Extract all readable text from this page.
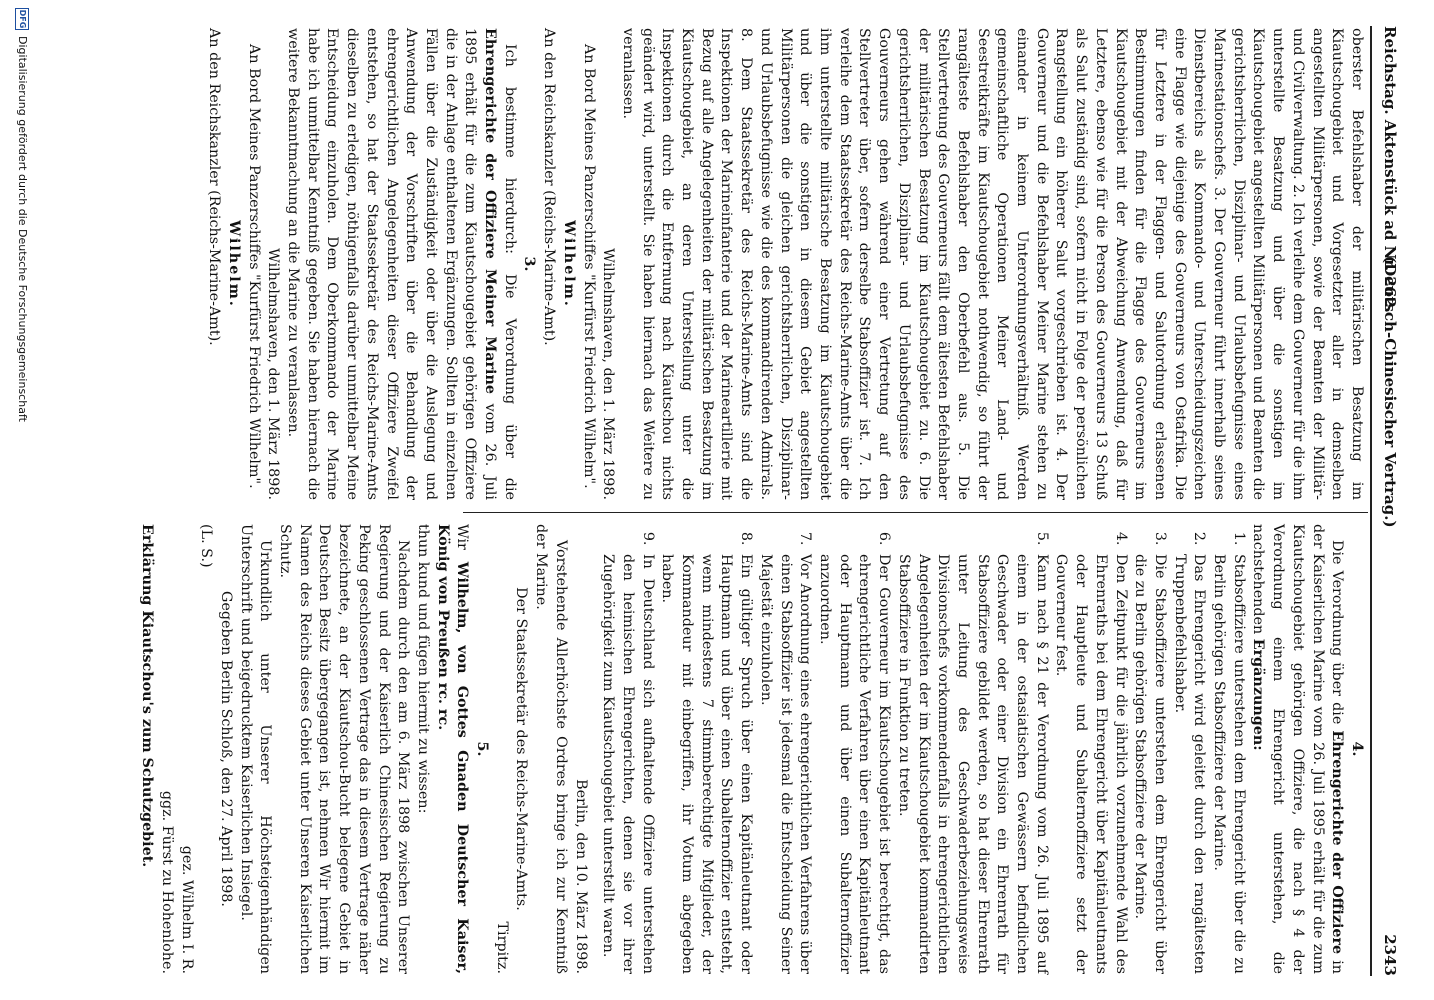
Reichstag. Aktenstück ad Nr. 262.
(Deutsch-Chinesischer Vertrag.)
2343

oberster Befehlshaber der militärischen Besatzung im Kiautschougebiet und Vorgesetzter aller in demselben angestellten Militärpersonen, sowie der Beamten der Militär- und Civilverwaltung. 2. Ich verleihe dem Gouverneur für die ihm unterstellte Besatzung und über die sonstigen im Kiautschougebiet angestellten Militärpersonen und Beamten die gerichtsherrlichen, Disziplinar- und Urlaubsbefugnisse eines Marinestationschefs. 3. Der Gouverneur führt innerhalb seines Dienstbereichs als Kommando- und Unterscheidungszeichen eine Flagge wie diejenige des Gouverneurs von Ostafrika. Die für Letztere in der Flaggen- und Salutordnung erlassenen Bestimmungen finden für die Flagge des Gouverneurs im Kiautschougebiet mit der Abweichung Anwendung, daß für Letztere, ebenso wie für die Person des Gouverneurs 13 Schuß als Salut zuständig sind, sofern nicht in Folge der persönlichen Rangstellung ein höherer Salut vorgeschrieben ist. 4. Der Gouverneur und die Befehlshaber Meiner Marine stehen zu einander in keinem Unterordnungsverhältniß. Werden gemeinschaftliche Operationen Meiner Land- und Seestreitkräfte im Kiautschougebiet nothwendig, so führt der rangälteste Befehlshaber den Oberbefehl aus. 5. Die Stellvertretung des Gouverneurs fällt dem ältesten Befehlshaber der militärischen Besatzung im Kiautschougebiet zu. 6. Die gerichtsherrlichen, Disziplinar- und Urlaubsbefugnisse des Gouverneurs gehen während einer Vertretung auf den Stellvertreter über, sofern derselbe Stabsoffizier ist. 7. Ich verleihe dem Staatssekretär des Reichs-Marine-Amts über die ihm unterstellte militärische Besatzung im Kiautschougebiet und über die sonstigen in diesem Gebiet angestellten Militärpersonen die gleichen gerichtsherrlichen, Disziplinar- und Urlaubsbefugnisse wie die des kommandirenden Admirals. 8. Dem Staatssekretär des Reichs-Marine-Amts sind die Inspektionen der Marineinfanterie und der Marineartillerie mit Bezug auf alle Angelegenheiten der militärischen Besatzung im Kiautschougebiet, an deren Unterstellung unter die Inspektionen durch die Entfernung nach Kiautschou nichts geändert wird, unterstellt. Sie haben hiernach das Weitere zu veranlassen.

Wilhelmshaven, den 1. März 1898.

An Bord Meines Panzerschiffes "Kurfürst Friedrich Wilhelm".

Wilhelm.

An den Reichskanzler (Reichs-Marine-Amt).

3.

Ich bestimme hierdurch: Die Verordnung über die Ehrengerichte der Offiziere Meiner Marine vom 26. Juli 1895 erhält für die zum Kiautschougebiet gehörigen Offiziere die in der Anlage enthaltenen Ergänzungen. Sollten in einzelnen Fällen über die Zuständigkeit oder über die Auslegung und Anwendung der Vorschriften über die Behandlung der ehrengerichtlichen Angelegenheiten dieser Offiziere Zweifel entstehen, so hat der Staatssekretär des Reichs-Marine-Amts dieselben zu erledigen, nöthigenfalls darüber unmittelbar Meine Entscheidung einzuholen. Dem Oberkommando der Marine habe ich unmittelbar Kenntniß gegeben. Sie haben hiernach die weitere Bekanntmachung an die Marine zu veranlassen.

Wilhelmshaven, den 1. März 1898.

An Bord Meines Panzerschiffes "Kurfürst Friedrich Wilhelm".

Wilhelm.

An den Reichskanzler (Reichs-Marine-Amt).

4.

Die Verordnung über die Ehrengerichte der Offiziere in der Kaiserlichen Marine vom 26. Juli 1895 erhält für die zum Kiautschougebiet gehörigen Offiziere, die nach § 4 der Verordnung einem Ehrengericht unterstehen, die nachstehenden Ergänzungen:

1. Stabsoffiziere unterstehen dem Ehrengericht über die zu Berlin gehörigen Stabsoffiziere der Marine.
2. Das Ehrengericht wird geleitet durch den rangältesten Truppenbefehlshaber.
3. Die Stabsoffiziere unterstehen dem Ehrengericht über die zu Berlin gehörigen Stabsoffiziere der Marine.
4. Den Zeitpunkt für die jährlich vorzunehmende Wahl des Ehrenraths bei dem Ehrengericht über Kapitänleutnants oder Hauptleute und Subalternoffiziere setzt der Gouverneur fest.
5. Kann nach § 21 der Verordnung vom 26. Juli 1895 auf einem in der ostasiatischen Gewässern befindlichen Geschwader oder einer Division ein Ehrenrath für Stabsoffiziere gebildet werden, so hat dieser Ehrenrath unter Leitung des Geschwaderbeziehungsweise Divisionschefs vorkommendenfalls in ehrengerichtlichen Angelegenheiten der im Kiautschougebiet kommandirten Stabsoffiziere in Funktion zu treten.
6. Der Gouverneur im Kiautschougebiet ist berechtigt, das ehrengerichtliche Verfahren über einen Kapitänleutnant oder Hauptmann und über einen Subalternoffizier anzuordnen.
7. Vor Anordnung eines ehrengerichtlichen Verfahrens über einen Stabsoffizier ist jedesmal die Entscheidung Seiner Majestät einzuholen.
8. Ein gültiger Spruch über einen Kapitänleutnant oder Hauptmann und über einen Subalternoffizier entsteht, wenn mindestens 7 stimmberechtigte Mitglieder, der Kommandeur mit einbegriffen, ihr Votum abgegeben haben.
9. In Deutschland sich aufhaltende Offiziere unterstehen den heimischen Ehrengerichten, denen sie vor ihrer Zugehörigkeit zum Kiautschougebiet unterstellt waren.

Berlin, den 10. März 1898.

Vorstehende Allerhöchste Ordres bringe ich zur Kenntniß der Marine.

Der Staatssekretär des Reichs-Marine-Amts.

Tirpitz.

5.

Wir Wilhelm, von Gottes Gnaden Deutscher Kaiser, König von Preußen rc. rc.

thun kund und fügen hiermit zu wissen:

Nachdem durch den am 6. März 1898 zwischen Unserer Regierung und der Kaiserlich Chinesischen Regierung zu Peking geschlossenen Vertrage das in diesem Vertrage näher bezeichnete, an der Kiautschou-Bucht belegene Gebiet in Deutschen Besitz übergegangen ist, nehmen Wir hiermit im Namen des Reichs dieses Gebiet unter Unseren Kaiserlichen Schutz.

Urkundlich unter Unserer Höchsteigenhändigen Unterschrift und beigedrucktem Kaiserlichen Insiegel.

Gegeben Berlin Schloß, den 27. April 1898.

(L. S.)

gez. Wilhelm I. R.

ggz. Fürst zu Hohenlohe.

Erklärung Kiautschou's zum Schutzgebiet.

DFGDigitalisierung gefördert durch die Deutsche Forschungsgemeinschaft
